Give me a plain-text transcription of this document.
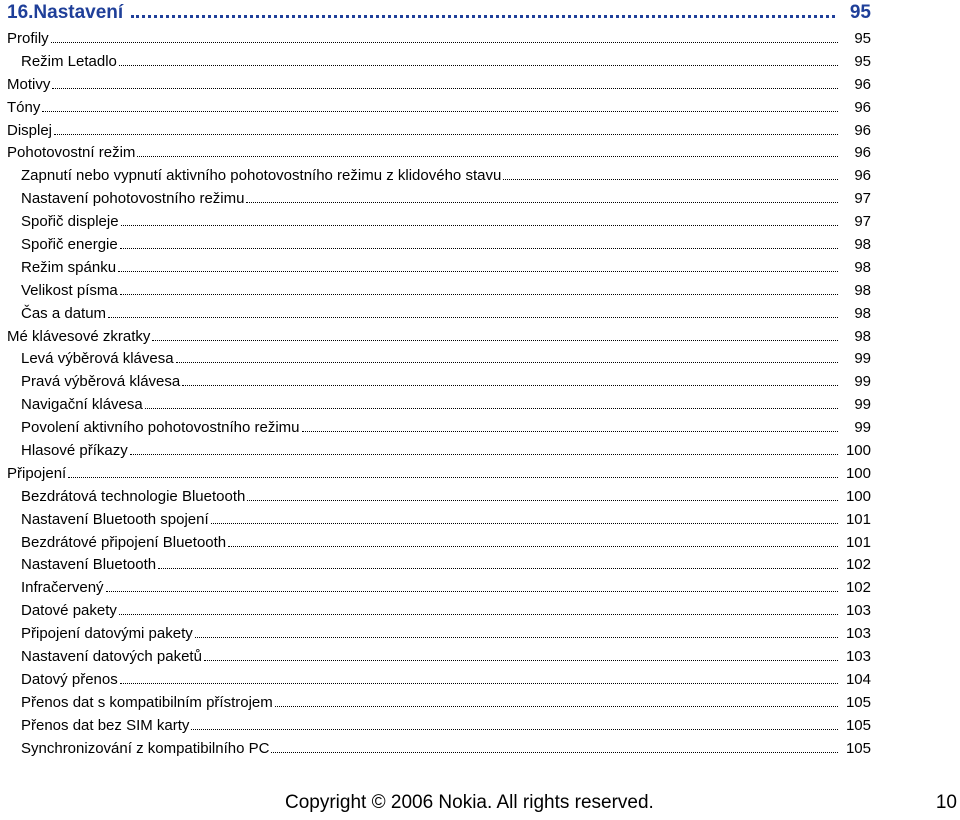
16.Nastavení	95
Profily	95
Režim Letadlo	95
Motivy	96
Tóny	96
Displej	96
Pohotovostní režim	96
Zapnutí nebo vypnutí aktivního pohotovostního režimu z klidového stavu	96
Nastavení pohotovostního režimu	97
Spořič displeje	97
Spořič energie	98
Režim spánku	98
Velikost písma	98
Čas a datum	98
Mé klávesové zkratky	98
Levá výběrová klávesa	99
Pravá výběrová klávesa	99
Navigační klávesa	99
Povolení aktivního pohotovostního režimu	99
Hlasové příkazy	100
Připojení	100
Bezdrátová technologie Bluetooth	100
Nastavení Bluetooth spojení	101
Bezdrátové připojení Bluetooth	101
Nastavení Bluetooth	102
Infračervený	102
Datové pakety	103
Připojení datovými pakety	103
Nastavení datových paketů	103
Datový přenos	104
Přenos dat s kompatibilním přístrojem	105
Přenos dat bez SIM karty	105
Synchronizování z kompatibilního PC	105
Copyright © 2006 Nokia. All rights reserved.	10
